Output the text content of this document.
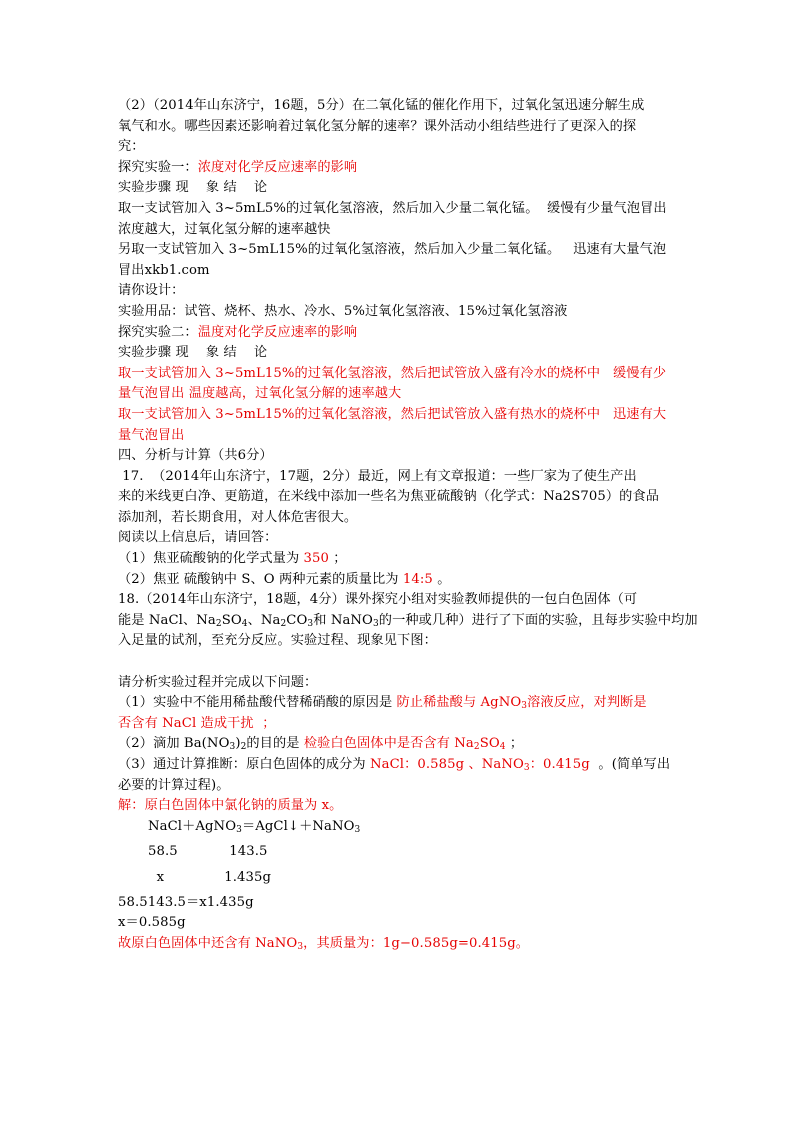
（2）（2014年山东济宁，16题，5分）在二氧化锰的催化作用下，过氧化氢迅速分解生成
氧气和水。哪些因素还影响着过氧化氢分解的速率？课外活动小组结些进行了更深入的探
究：
探究实验一：浓度对化学反应速率的影响
实验步骤 现    象 结    论
取一支试管加入 3~5mL5%的过氧化氢溶液，然后加入少量二氧化锰。  缓慢有少量气泡冒出
浓度越大，过氧化氢分解的速率越快
另取一支试管加入 3~5mL15%的过氧化氢溶液，然后加入少量二氧化锰。   迅速有大量气泡
冒出xkb1.com
请你设计：
实验用品：试管、烧杯、热水、冷水、5%过氧化氢溶液、15%过氧化氢溶液
探究实验二：温度对化学反应速率的影响
实验步骤 现    象 结    论
取一支试管加入 3~5mL15%的过氧化氢溶液，然后把试管放入盛有冷水的烧杯中   缓慢有少
量气泡冒出 温度越高，过氧化氢分解的速率越大
取一支试管加入 3~5mL15%的过氧化氢溶液，然后把试管放入盛有热水的烧杯中   迅速有大
量气泡冒出
四、分析与计算（共6分）
17.  （2014年山东济宁，17题，2分）最近，网上有文章报道：一些厂家为了使生产出
来的米线更白净、更筋道，在米线中添加一些名为焦亚硫酸钠（化学式：Na2S705）的食品
添加剂，若长期食用，对人体危害很大。
阅读以上信息后，请回答：
（1）焦亚硫酸钠的化学式量为 350 ；
（2）焦亚 硫酸钠中 S、O 两种元素的质量比为 14:5 。
18.（2014年山东济宁，18题，4分）课外探究小组对实验教师提供的一包白色固体（可
能是 NaCl、$Na_2SO_4$、$Na_2CO_3$和 NaNO$_3$的一种或几种）进行了下面的实验，且每步实验中均加
入足量的试剂，至充分反应。实验过程、现象见下图：
请分析实验过程并完成以下问题：
（1）实验中不能用稀盐酸代替稀硝酸的原因是 防止稀盐酸与 AgNO$_3$溶液反应，对判断是
否含有 NaCl 造成干扰  ；
（2）滴加 $Ba(NO_3)_2$的目的是 检验白色固体中是否含有 $Na_2SO_4$ ；
（3）通过计算推断：原白色固体的成分为 NaCl：0.585g 、NaNO$_3$：0.415g  。(简单写出
必要的计算过程)。
解：原白色固体中氯化钠的质量为 x。
NaCl＋AgNO$_3$＝AgCl↓＋NaNO$_3$
58.5            143.5
x              1.435g
58.5143.5＝x1.435g
x＝0.585g
故原白色固体中还含有 NaNO$_3$，其质量为：1g−0.585g=0.415g。
